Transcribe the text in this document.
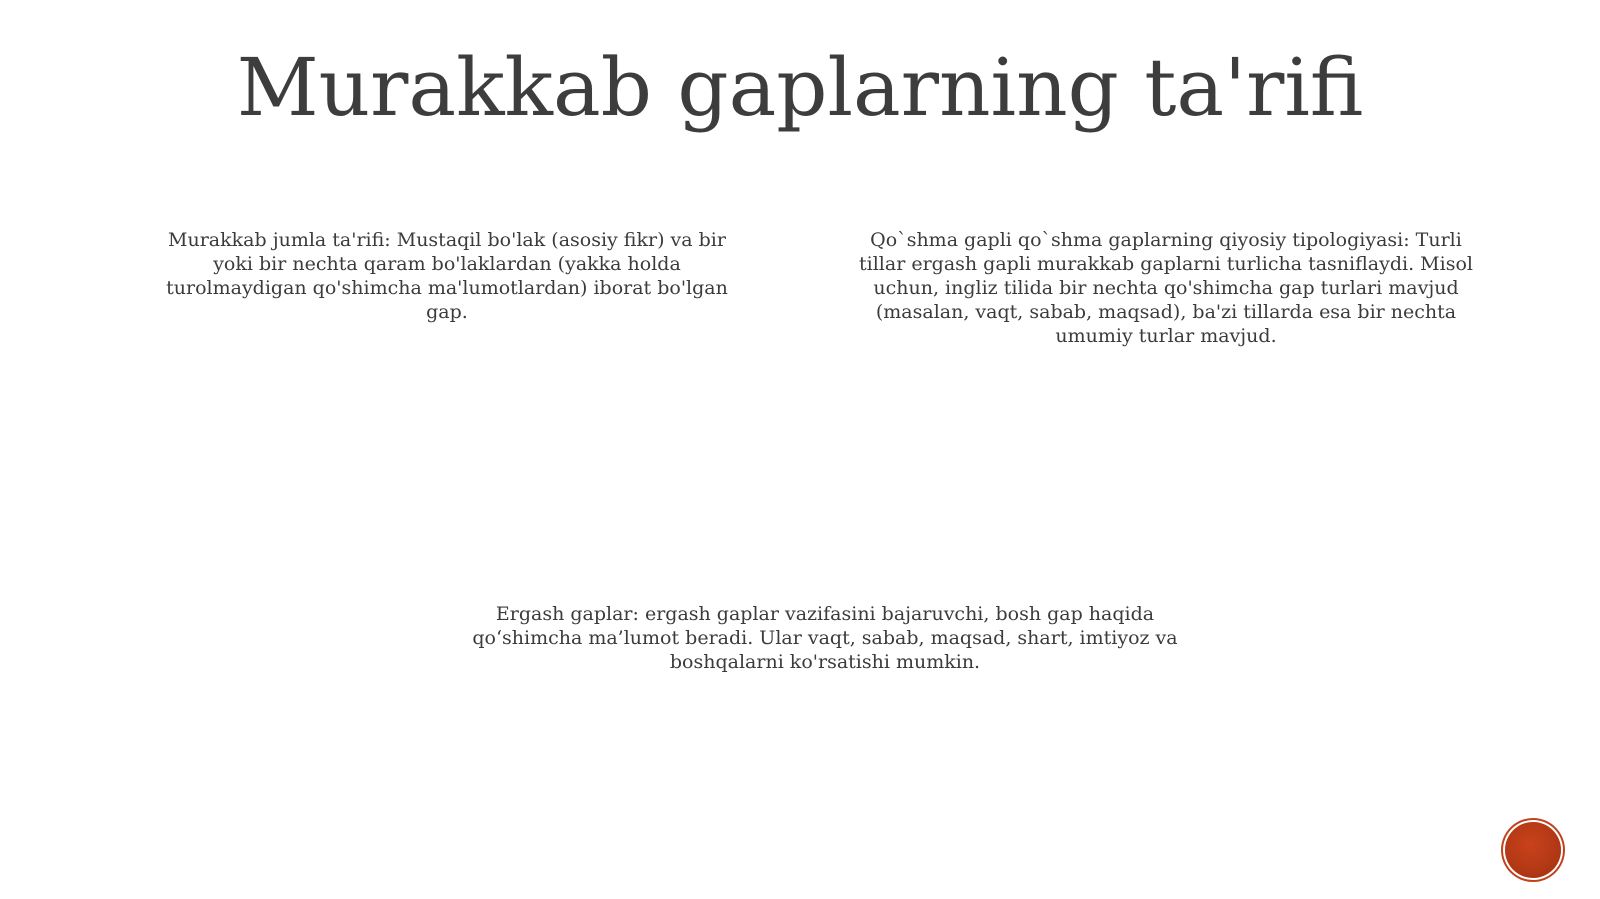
Murakkab gaplarning ta'rifi
Murakkab jumla ta'rifi: Mustaqil bo'lak (asosiy fikr) va bir yoki bir nechta qaram bo'laklardan (yakka holda turolmaydigan qo'shimcha ma'lumotlardan) iborat bo'lgan gap.
Qo`shma gapli qo`shma gaplarning qiyosiy tipologiyasi: Turli tillar ergash gapli murakkab gaplarni turlicha tasniflaydi. Misol uchun, ingliz tilida bir nechta qo'shimcha gap turlari mavjud (masalan, vaqt, sabab, maqsad), ba'zi tillarda esa bir nechta umumiy turlar mavjud.
Ergash gaplar: ergash gaplar vazifasini bajaruvchi, bosh gap haqida qo‘shimcha ma’lumot beradi. Ular vaqt, sabab, maqsad, shart, imtiyoz va boshqalarni ko'rsatishi mumkin.
